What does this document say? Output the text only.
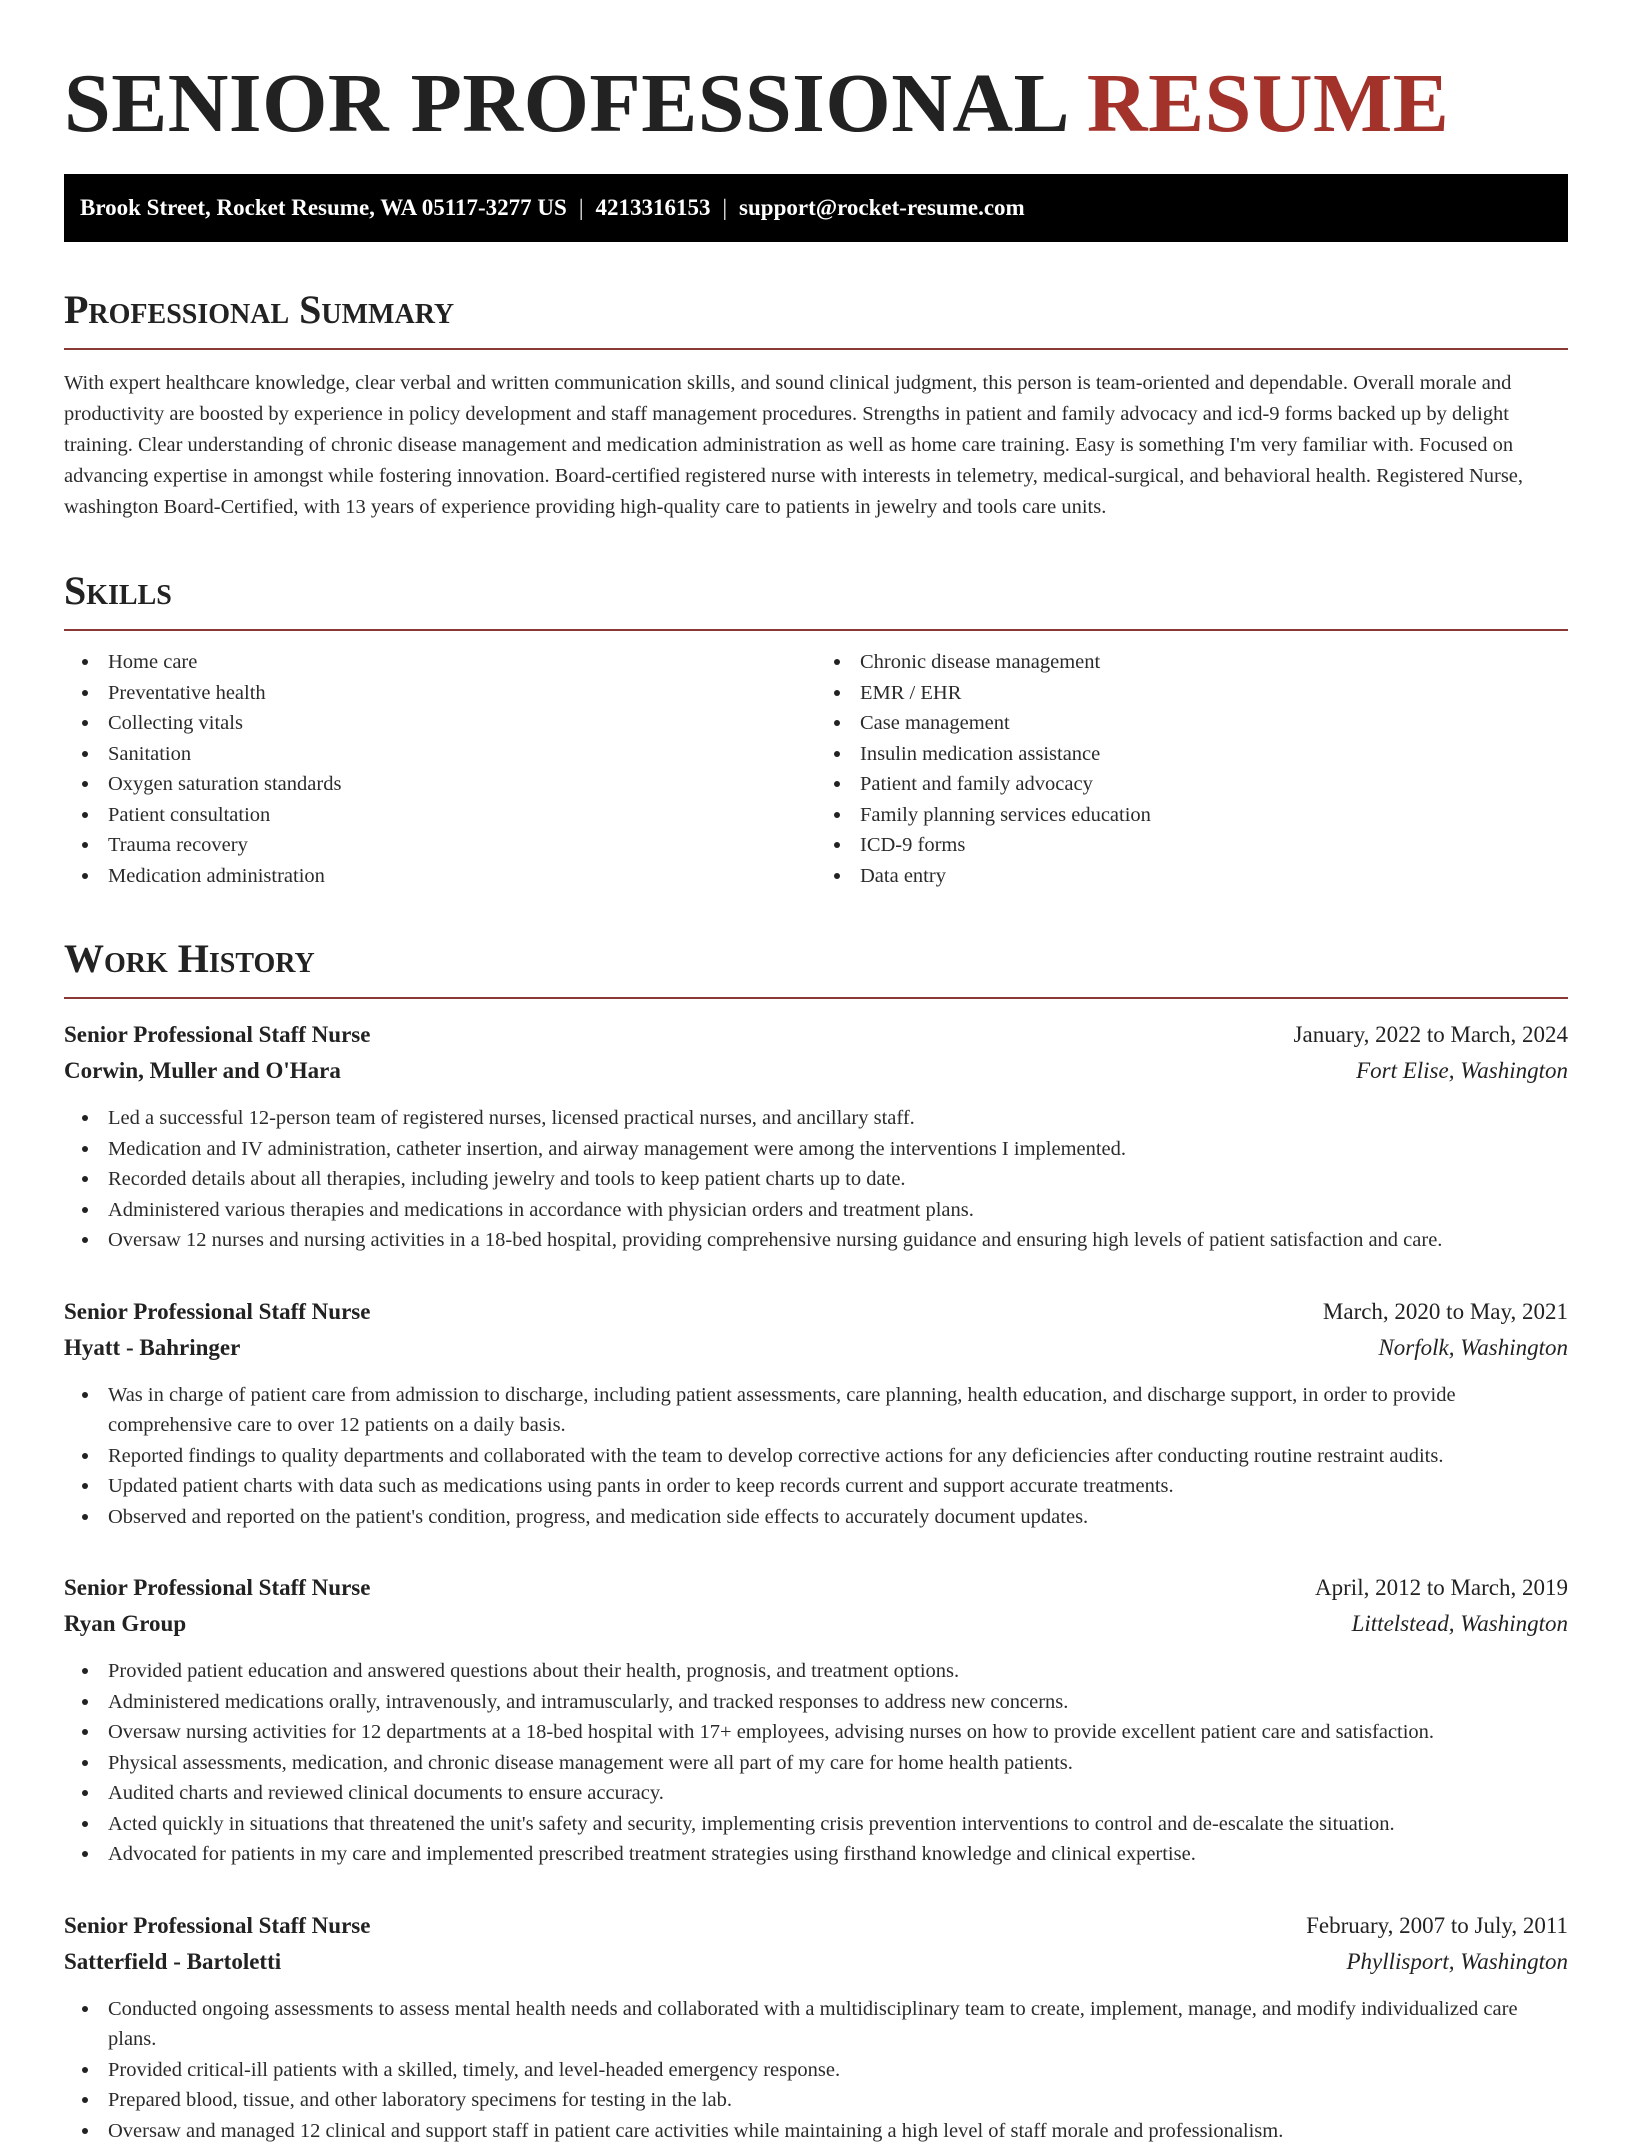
SENIOR PROFESSIONAL RESUME
Brook Street, Rocket Resume, WA 05117-3277 US | 4213316153 | support@rocket-resume.com
Professional Summary

With expert healthcare knowledge, clear verbal and written communication skills, and sound clinical judgment, this person is team-oriented and dependable. Overall morale and productivity are boosted by experience in policy development and staff management procedures. Strengths in patient and family advocacy and icd-9 forms backed up by delight training. Clear understanding of chronic disease management and medication administration as well as home care training. Easy is something I'm very familiar with. Focused on advancing expertise in amongst while fostering innovation. Board-certified registered nurse with interests in telemetry, medical-surgical, and behavioral health. Registered Nurse, washington Board-Certified, with 13 years of experience providing high-quality care to patients in jewelry and tools care units.

Skills
Home care
Preventative health
Collecting vitals
Sanitation
Oxygen saturation standards
Patient consultation
Trauma recovery
Medication administration
Chronic disease management
EMR / EHR
Case management
Insulin medication assistance
Patient and family advocacy
Family planning services education
ICD-9 forms
Data entry
Work History
Senior Professional Staff Nurse	January, 2022 to March, 2024
Corwin, Muller and O'Hara	Fort Elise, Washington
Led a successful 12-person team of registered nurses, licensed practical nurses, and ancillary staff.
Medication and IV administration, catheter insertion, and airway management were among the interventions I implemented.
Recorded details about all therapies, including jewelry and tools to keep patient charts up to date.
Administered various therapies and medications in accordance with physician orders and treatment plans.
Oversaw 12 nurses and nursing activities in a 18-bed hospital, providing comprehensive nursing guidance and ensuring high levels of patient satisfaction and care.
Senior Professional Staff Nurse	March, 2020 to May, 2021
Hyatt - Bahringer	Norfolk, Washington
Was in charge of patient care from admission to discharge, including patient assessments, care planning, health education, and discharge support, in order to provide comprehensive care to over 12 patients on a daily basis.
Reported findings to quality departments and collaborated with the team to develop corrective actions for any deficiencies after conducting routine restraint audits.
Updated patient charts with data such as medications using pants in order to keep records current and support accurate treatments.
Observed and reported on the patient's condition, progress, and medication side effects to accurately document updates.
Senior Professional Staff Nurse	April, 2012 to March, 2019
Ryan Group	Littelstead, Washington
Provided patient education and answered questions about their health, prognosis, and treatment options.
Administered medications orally, intravenously, and intramuscularly, and tracked responses to address new concerns.
Oversaw nursing activities for 12 departments at a 18-bed hospital with 17+ employees, advising nurses on how to provide excellent patient care and satisfaction.
Physical assessments, medication, and chronic disease management were all part of my care for home health patients.
Audited charts and reviewed clinical documents to ensure accuracy.
Acted quickly in situations that threatened the unit's safety and security, implementing crisis prevention interventions to control and de-escalate the situation.
Advocated for patients in my care and implemented prescribed treatment strategies using firsthand knowledge and clinical expertise.
Senior Professional Staff Nurse	February, 2007 to July, 2011
Satterfield - Bartoletti	Phyllisport, Washington
Conducted ongoing assessments to assess mental health needs and collaborated with a multidisciplinary team to create, implement, manage, and modify individualized care plans.
Provided critical-ill patients with a skilled, timely, and level-headed emergency response.
Prepared blood, tissue, and other laboratory specimens for testing in the lab.
Oversaw and managed 12 clinical and support staff in patient care activities while maintaining a high level of staff morale and professionalism.
